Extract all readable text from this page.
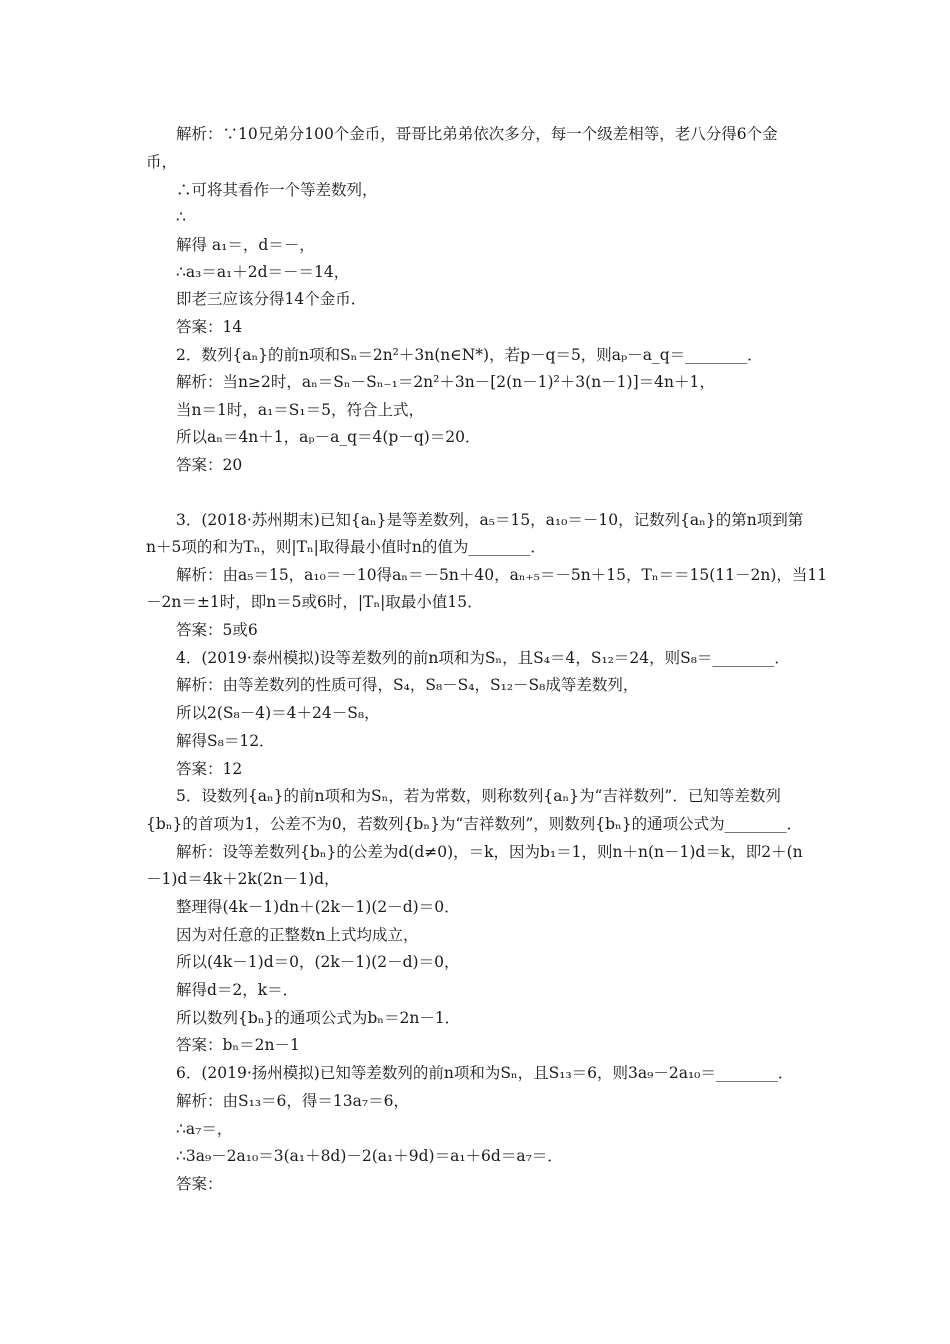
解析：∵10兄弟分100个金币，哥哥比弟弟依次多分，每一个级差相等，老八分得6个金
币，
∴可将其看作一个等差数列，
∴
解得 a₁＝，d＝－，
∴a₃＝a₁＋2d＝－＝14，
即老三应该分得14个金币．
答案：14
2．数列{aₙ}的前n项和Sₙ＝2n²＋3n(n∈N*)，若p－q＝5，则aₚ－a_q＝________．
解析：当n≥2时，aₙ＝Sₙ－Sₙ₋₁＝2n²＋3n－[2(n－1)²＋3(n－1)]＝4n＋1，
当n＝1时，a₁＝S₁＝5，符合上式，
所以aₙ＝4n＋1，aₚ－a_q＝4(p－q)＝20．
答案：20
3．(2018·苏州期末)已知{aₙ}是等差数列，a₅＝15，a₁₀＝－10，记数列{aₙ}的第n项到第
n＋5项的和为Tₙ，则|Tₙ|取得最小值时n的值为________．
解析：由a₅＝15，a₁₀＝－10得aₙ＝－5n＋40，aₙ₊₅＝－5n＋15，Tₙ＝＝15(11－2n)，当11
－2n＝±1时，即n＝5或6时，|Tₙ|取最小值15．
答案：5或6
4．(2019·泰州模拟)设等差数列的前n项和为Sₙ，且S₄＝4，S₁₂＝24，则S₈＝________．
解析：由等差数列的性质可得，S₄，S₈－S₄，S₁₂－S₈成等差数列，
所以2(S₈－4)＝4＋24－S₈，
解得S₈＝12．
答案：12
5．设数列{aₙ}的前n项和为Sₙ，若为常数，则称数列{aₙ}为“吉祥数列”．已知等差数列
{bₙ}的首项为1，公差不为0，若数列{bₙ}为“吉祥数列”，则数列{bₙ}的通项公式为________．
解析：设等差数列{bₙ}的公差为d(d≠0)，＝k，因为b₁＝1，则n＋n(n－1)d＝k，即2＋(n
－1)d＝4k＋2k(2n－1)d，
整理得(4k－1)dn＋(2k－1)(2－d)＝0．
因为对任意的正整数n上式均成立，
所以(4k－1)d＝0，(2k－1)(2－d)＝0，
解得d＝2，k＝．
所以数列{bₙ}的通项公式为bₙ＝2n－1．
答案：bₙ＝2n－1
6．(2019·扬州模拟)已知等差数列的前n项和为Sₙ，且S₁₃＝6，则3a₉－2a₁₀＝________．
解析：由S₁₃＝6，得＝13a₇＝6，
∴a₇＝，
∴3a₉－2a₁₀＝3(a₁＋8d)－2(a₁＋9d)＝a₁＋6d＝a₇＝．
答案：
